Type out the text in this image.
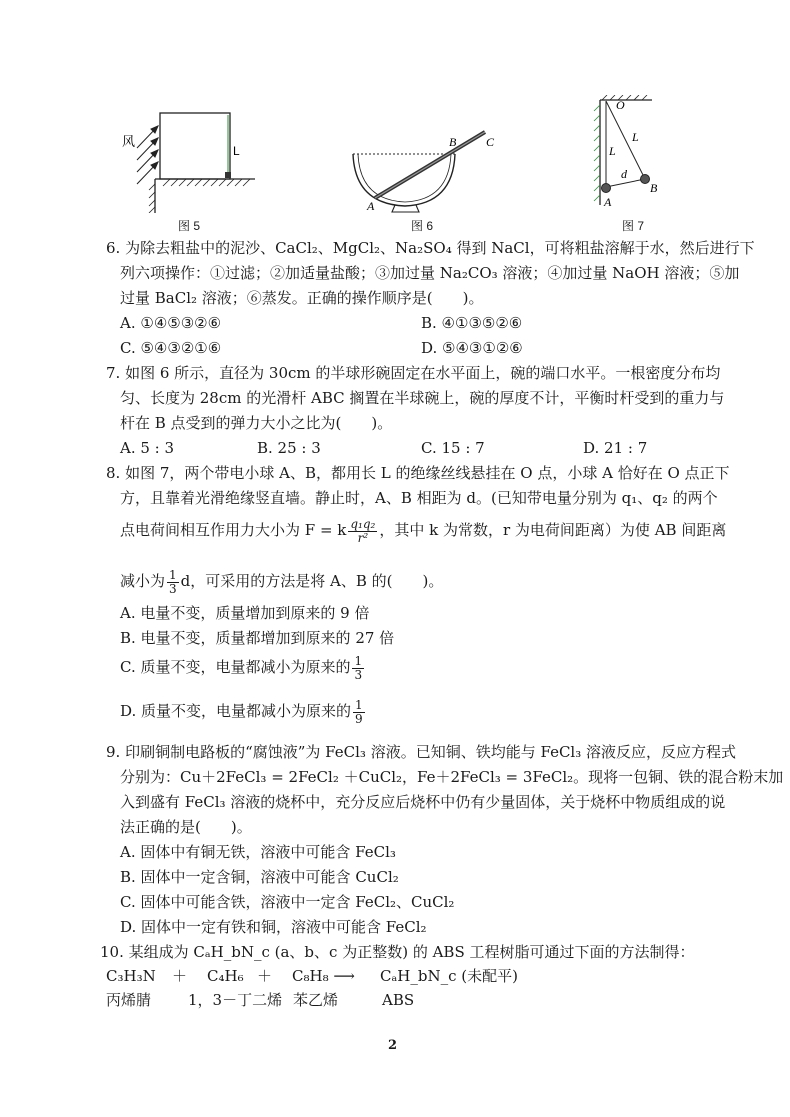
风
L
图 5
A
B C
图 6
O
L
L
d
A
B
图 7
6. 为除去粗盐中的泥沙、CaCl₂、MgCl₂、Na₂SO₄ 得到 NaCl，可将粗盐溶解于水，然后进行下
列六项操作：①过滤；②加适量盐酸；③加过量 Na₂CO₃ 溶液；④加过量 NaOH 溶液；⑤加
过量 BaCl₂ 溶液；⑥蒸发。正确的操作顺序是(　　)。
A. ①④⑤③②⑥	B. ④①③⑤②⑥
C. ⑤④③②①⑥	D. ⑤④③①②⑥
7. 如图 6 所示，直径为 30cm 的半球形碗固定在水平面上，碗的端口水平。一根密度分布均
匀、长度为 28cm 的光滑杆 ABC 搁置在半球碗上，碗的厚度不计，平衡时杆受到的重力与
杆在 B 点受到的弹力大小之比为(　　)。
A. 5 : 3	B. 25 : 3	C. 15 : 7	D. 21 : 7
8. 如图 7，两个带电小球 A、B，都用长 L 的绝缘丝线悬挂在 O 点，小球 A 恰好在 O 点正下
方，且靠着光滑绝缘竖直墙。静止时，A、B 相距为 d。(已知带电量分别为 q₁、q₂ 的两个
点电荷间相互作用力大小为 F = k $\frac{\text{q₁q₂}}{\text{r²}}$ ，其中 k 为常数，r 为电荷间距离）为使 AB 间距离
减小为 $\frac{1}{3}$ d，可采用的方法是将 A、B 的(　　)。
A. 电量不变，质量增加到原来的 9 倍
B. 电量不变，质量都增加到原来的 27 倍
C. 质量不变，电量都减小为原来的 $\frac{1}{3}$
D. 质量不变，电量都减小为原来的 $\frac{1}{9}$
9. 印刷铜制电路板的“腐蚀液”为 FeCl₃ 溶液。已知铜、铁均能与 FeCl₃ 溶液反应，反应方程式
分别为：Cu＋2FeCl₃ = 2FeCl₂ ＋CuCl₂，Fe＋2FeCl₃ = 3FeCl₂。现将一包铜、铁的混合粉末加
入到盛有 FeCl₃ 溶液的烧杯中，充分反应后烧杯中仍有少量固体，关于烧杯中物质组成的说
法正确的是(　　)。
A. 固体中有铜无铁，溶液中可能含 FeCl₃
B. 固体中一定含铜，溶液中可能含 CuCl₂
C. 固体中可能含铁，溶液中一定含 FeCl₂、CuCl₂
D. 固体中一定有铁和铜，溶液中可能含 FeCl₂
10. 某组成为 CₐH_bN_c (a、b、c 为正整数) 的 ABS 工程树脂可通过下面的方法制得：
C₃H₃N ＋ C₄H₆ ＋ C₈H₈ ⟶ CₐH_bN_c (未配平)
丙烯腈 1，3－丁二烯 苯乙烯	ABS
2
